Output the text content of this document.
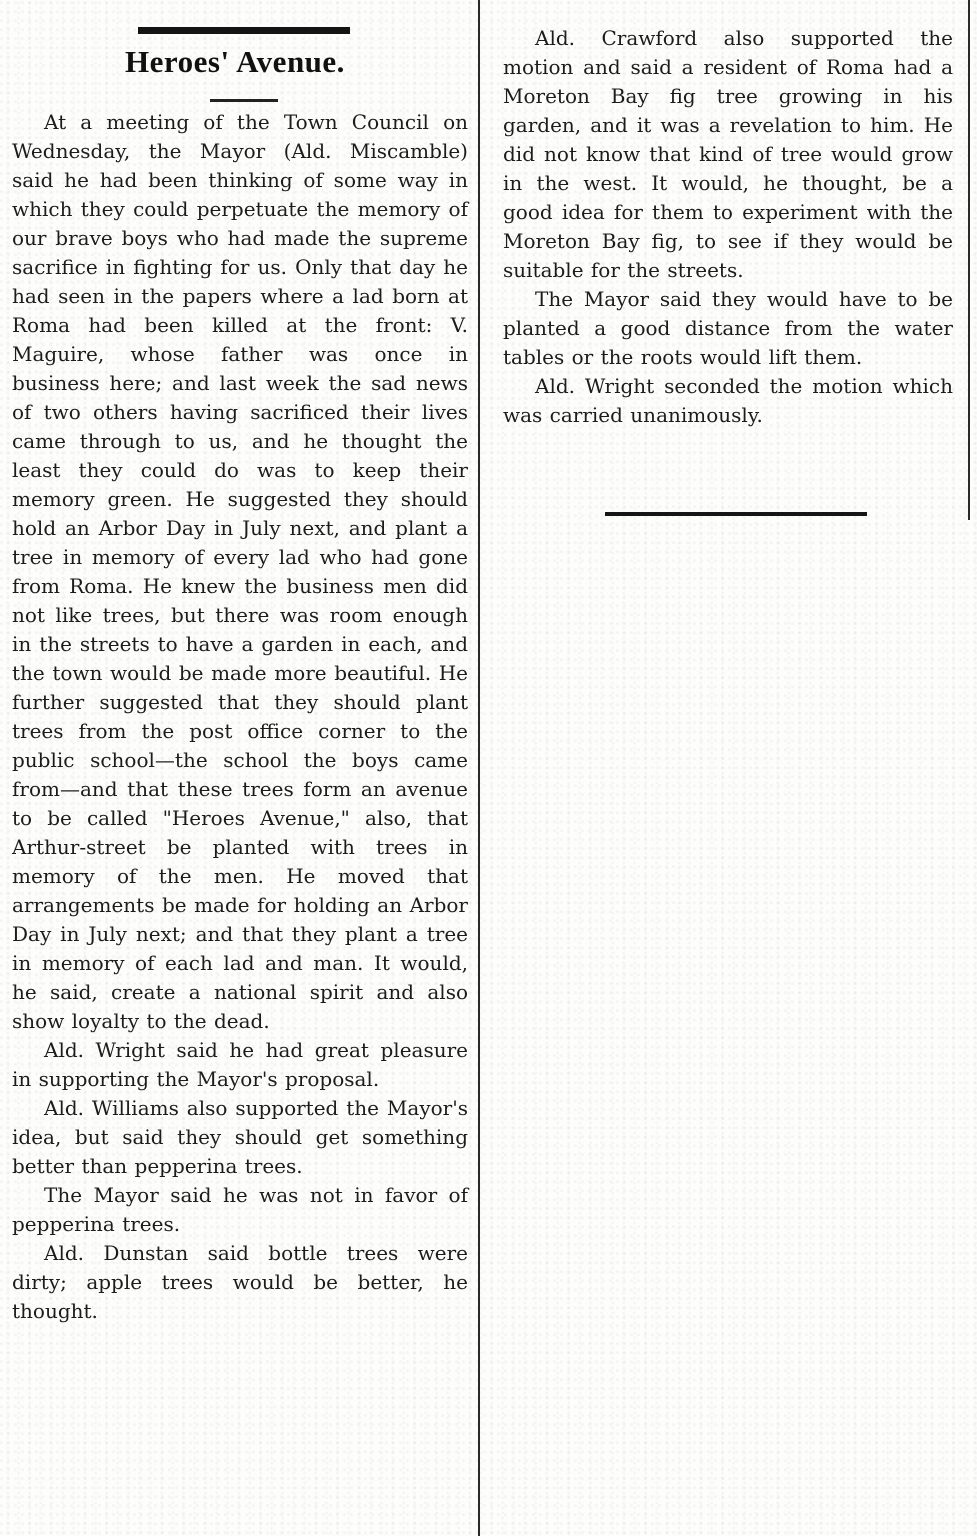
Heroes' Avenue.

At a meeting of the Town Council on Wednesday, the Mayor (Ald. Miscamble) said he had been thinking of some way in which they could perpetuate the memory of our brave boys who had made the supreme sacrifice in fighting for us. Only that day he had seen in the papers where a lad born at Roma had been killed at the front: V. Maguire, whose father was once in business here; and last week the sad news of two others having sacrificed their lives came through to us, and he thought the least they could do was to keep their memory green. He suggested they should hold an Arbor Day in July next, and plant a tree in memory of every lad who had gone from Roma. He knew the business men did not like trees, but there was room enough in the streets to have a garden in each, and the town would be made more beautiful. He further suggested that they should plant trees from the post office corner to the public school—the school the boys came from—and that these trees form an avenue to be called "Heroes Avenue," also, that Arthur-street be planted with trees in memory of the men. He moved that arrangements be made for holding an Arbor Day in July next; and that they plant a tree in memory of each lad and man. It would, he said, create a national spirit and also show loyalty to the dead.

Ald. Wright said he had great pleasure in supporting the Mayor's proposal.

Ald. Williams also supported the Mayor's idea, but said they should get something better than pepperina trees.

The Mayor said he was not in favor of pepperina trees.

Ald. Dunstan said bottle trees were dirty; apple trees would be better, he thought.

Ald. Crawford also supported the motion and said a resident of Roma had a Moreton Bay fig tree growing in his garden, and it was a revelation to him. He did not know that kind of tree would grow in the west. It would, he thought, be a good idea for them to experiment with the Moreton Bay fig, to see if they would be suitable for the streets.

The Mayor said they would have to be planted a good distance from the water tables or the roots would lift them.

Ald. Wright seconded the motion which was carried unanimously.
